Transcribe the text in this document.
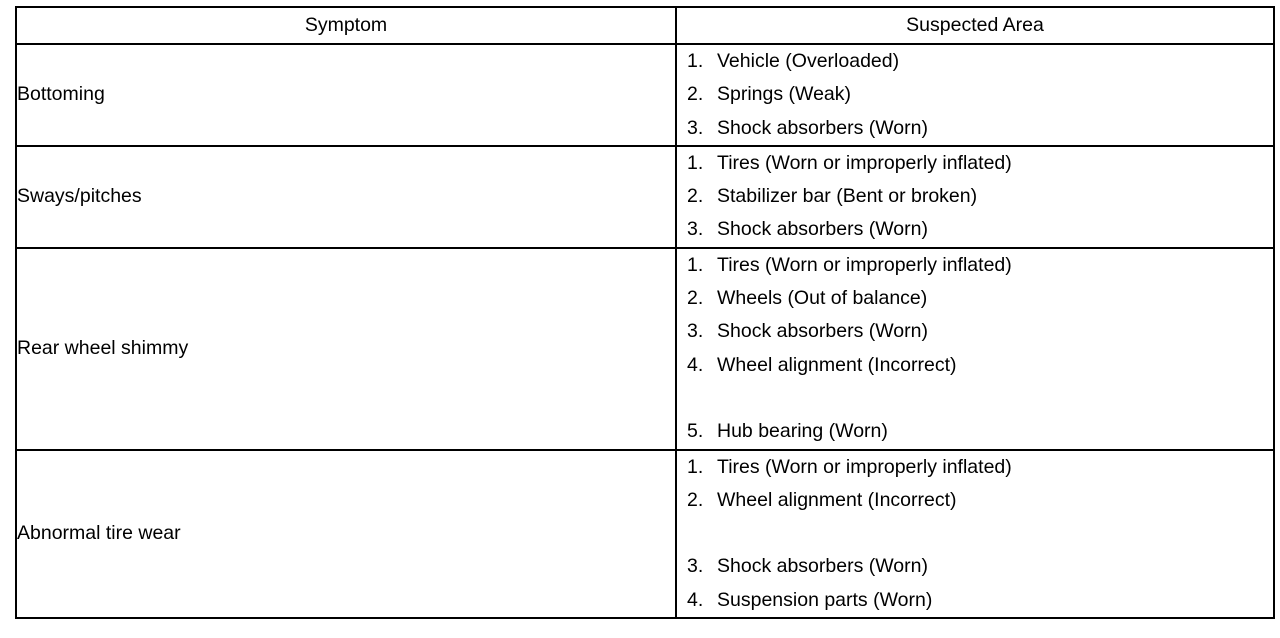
Symptom	Suspected Area
Bottoming	1. Vehicle (Overloaded)
2. Springs (Weak)
3. Shock absorbers (Worn)

Sways/pitches	1. Tires (Worn or improperly inflated)
2. Stabilizer bar (Bent or broken)
3. Shock absorbers (Worn)

Rear wheel shimmy	1. Tires (Worn or improperly inflated)
2. Wheels (Out of balance)
3. Shock absorbers (Worn)
4. Wheel alignment (Incorrect)
5. Hub bearing (Worn)

Abnormal tire wear	1. Tires (Worn or improperly inflated)
2. Wheel alignment (Incorrect)
3. Shock absorbers (Worn)
4. Suspension parts (Worn)
